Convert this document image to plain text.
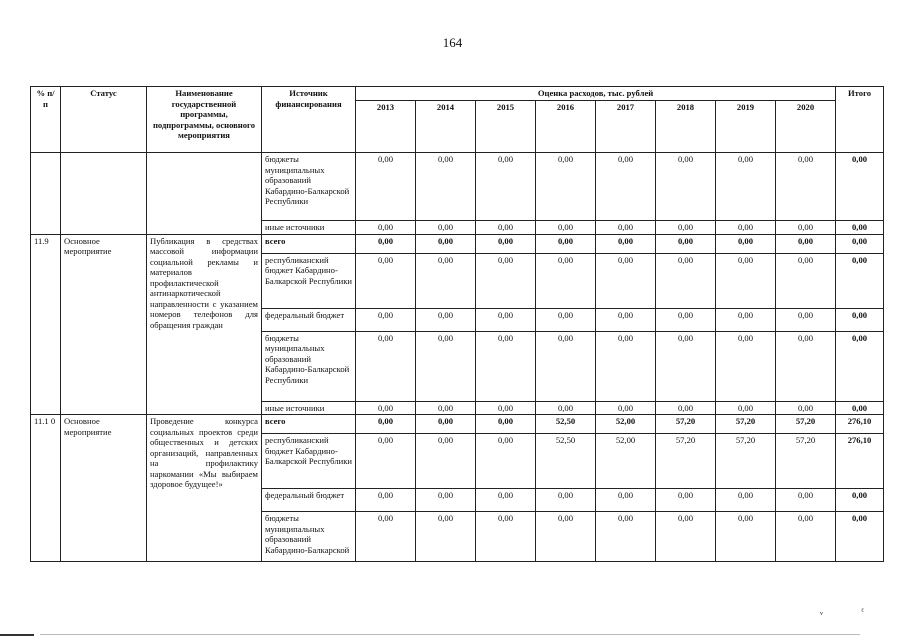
164
% п/п	Статус	Наименование государственной программы, подпрограммы, основного мероприятия	Источник финансирования	Оценка расходов, тыс. рублей								Итого
				2013	2014	2015	2016	2017	2018	2019	2020	
			бюджеты муниципальных образований Кабардино-Балкарской Республики	0,00	0,00	0,00	0,00	0,00	0,00	0,00	0,00	0,00
			иные источники	0,00	0,00	0,00	0,00	0,00	0,00	0,00	0,00	0,00
11.9	Основное мероприятие	Публикация в средствах массовой информации социальной рекламы и материалов профилактической антинаркотической направленности с указанием номеров телефонов для обращения граждан	всего	0,00	0,00	0,00	0,00	0,00	0,00	0,00	0,00	0,00
			республиканский бюджет Кабардино-Балкарской Республики	0,00	0,00	0,00	0,00	0,00	0,00	0,00	0,00	0,00
			федеральный бюджет	0,00	0,00	0,00	0,00	0,00	0,00	0,00	0,00	0,00
			бюджеты муниципальных образований Кабардино-Балкарской Республики	0,00	0,00	0,00	0,00	0,00	0,00	0,00	0,00	0,00
			иные источники	0,00	0,00	0,00	0,00	0,00	0,00	0,00	0,00	0,00
11.1 0	Основное мероприятие	Проведение конкурса социальных проектов среди общественных и детских организаций, направленных на профилактику наркомании «Мы выбираем здоровое будущее!»	всего	0,00	0,00	0,00	52,50	52,00	57,20	57,20	57,20	276,10
			республиканский бюджет Кабардино-Балкарской Республики	0,00	0,00	0,00	52,50	52,00	57,20	57,20	57,20	276,10
			федеральный бюджет	0,00	0,00	0,00	0,00	0,00	0,00	0,00	0,00	0,00
			бюджеты муниципальных образований Кабардино-Балкарской	0,00	0,00	0,00	0,00	0,00	0,00	0,00	0,00	0,00
ᵥ ᵋ
